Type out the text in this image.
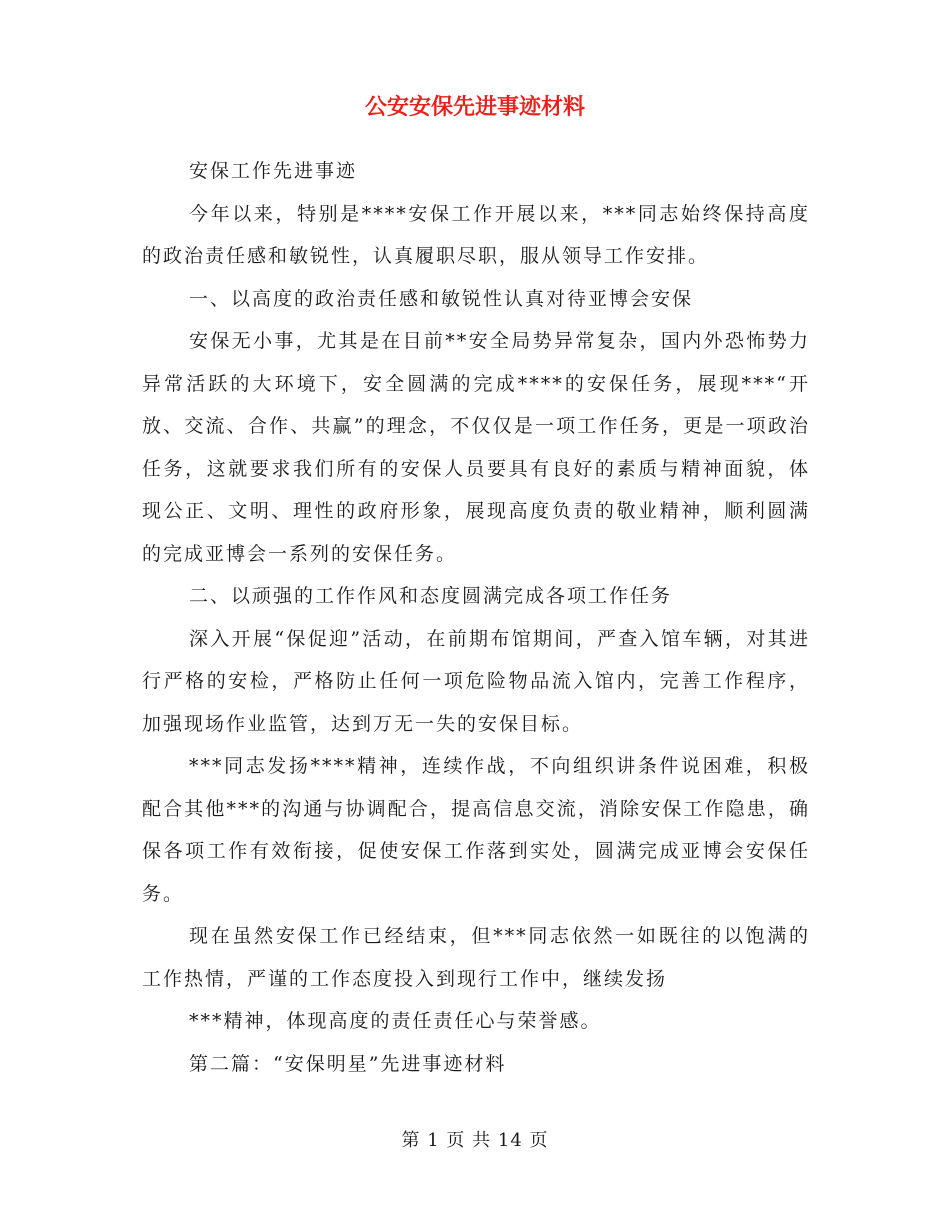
公安安保先进事迹材料

安保工作先进事迹

今年以来，特别是****安保工作开展以来，***同志始终保持高度的政治责任感和敏锐性，认真履职尽职，服从领导工作安排。

一、以高度的政治责任感和敏锐性认真对待亚博会安保

安保无小事，尤其是在目前**安全局势异常复杂，国内外恐怖势力异常活跃的大环境下，安全圆满的完成****的安保任务，展现***“开放、交流、合作、共赢”的理念，不仅仅是一项工作任务，更是一项政治任务，这就要求我们所有的安保人员要具有良好的素质与精神面貌，体现公正、文明、理性的政府形象，展现高度负责的敬业精神，顺利圆满的完成亚博会一系列的安保任务。

二、以顽强的工作作风和态度圆满完成各项工作任务

深入开展“保促迎”活动，在前期布馆期间，严查入馆车辆，对其进行严格的安检，严格防止任何一项危险物品流入馆内，完善工作程序，加强现场作业监管，达到万无一失的安保目标。

***同志发扬****精神，连续作战，不向组织讲条件说困难，积极配合其他***的沟通与协调配合，提高信息交流，消除安保工作隐患，确保各项工作有效衔接，促使安保工作落到实处，圆满完成亚博会安保任务。

现在虽然安保工作已经结束，但***同志依然一如既往的以饱满的工作热情，严谨的工作态度投入到现行工作中，继续发扬

***精神，体现高度的责任责任心与荣誉感。

第二篇：“安保明星”先进事迹材料

第 1 页 共 14 页
